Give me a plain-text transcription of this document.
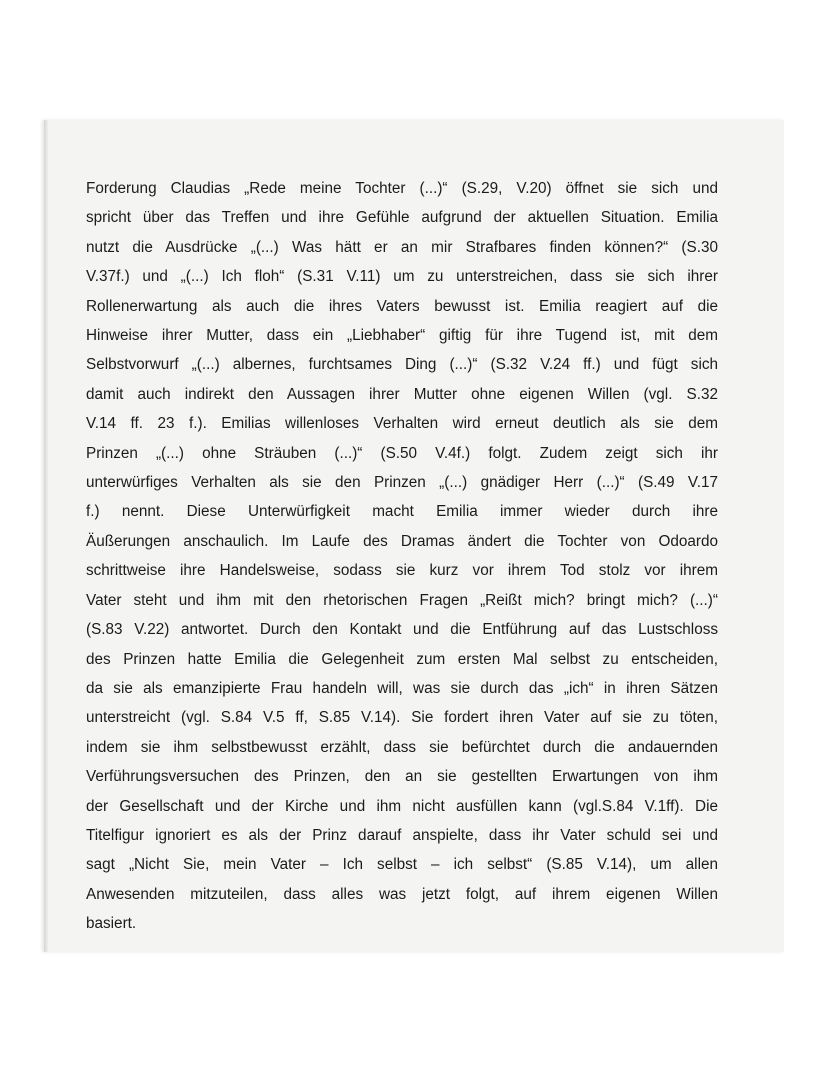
Forderung Claudias „Rede meine Tochter (...)“ (S.29, V.20) öffnet sie sich und
spricht über das Treffen und ihre Gefühle aufgrund der aktuellen Situation. Emilia
nutzt die Ausdrücke „(...) Was hätt er an mir Strafbares finden können?“ (S.30
V.37f.) und „(...) Ich floh“ (S.31 V.11) um zu unterstreichen, dass sie sich ihrer
Rollenerwartung als auch die ihres Vaters bewusst ist. Emilia reagiert auf die
Hinweise ihrer Mutter, dass ein „Liebhaber“ giftig für ihre Tugend ist, mit dem
Selbstvorwurf „(...) albernes, furchtsames Ding (...)“ (S.32 V.24 ff.) und fügt sich
damit auch indirekt den Aussagen ihrer Mutter ohne eigenen Willen (vgl. S.32
V.14 ff. 23 f.). Emilias willenloses Verhalten wird erneut deutlich als sie dem
Prinzen „(...) ohne Sträuben (...)“ (S.50 V.4f.) folgt. Zudem zeigt sich ihr
unterwürfiges Verhalten als sie den Prinzen „(...) gnädiger Herr (...)“ (S.49 V.17
f.) nennt. Diese Unterwürfigkeit macht Emilia immer wieder durch ihre
Äußerungen anschaulich. Im Laufe des Dramas ändert die Tochter von Odoardo
schrittweise ihre Handelsweise, sodass sie kurz vor ihrem Tod stolz vor ihrem
Vater steht und ihm mit den rhetorischen Fragen „Reißt mich? bringt mich? (...)“
(S.83 V.22) antwortet. Durch den Kontakt und die Entführung auf das Lustschloss
des Prinzen hatte Emilia die Gelegenheit zum ersten Mal selbst zu entscheiden,
da sie als emanzipierte Frau handeln will, was sie durch das „ich“ in ihren Sätzen
unterstreicht (vgl. S.84 V.5 ff, S.85 V.14). Sie fordert ihren Vater auf sie zu töten,
indem sie ihm selbstbewusst erzählt, dass sie befürchtet durch die andauernden
Verführungsversuchen des Prinzen, den an sie gestellten Erwartungen von ihm
der Gesellschaft und der Kirche und ihm nicht ausfüllen kann (vgl.S.84 V.1ff). Die
Titelfigur ignoriert es als der Prinz darauf anspielte, dass ihr Vater schuld sei und
sagt „Nicht Sie, mein Vater – Ich selbst – ich selbst“ (S.85 V.14), um allen
Anwesenden mitzuteilen, dass alles was jetzt folgt, auf ihrem eigenen Willen
basiert.
